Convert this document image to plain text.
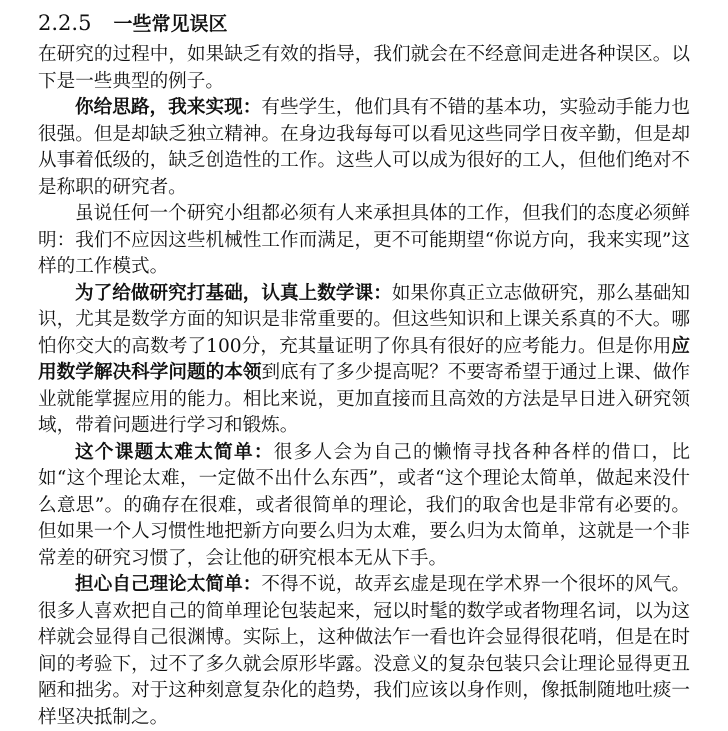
2.2.5 一些常见误区

在研究的过程中，如果缺乏有效的指导，我们就会在不经意间走进各种误区。以下是一些典型的例子。

你给思路，我来实现：有些学生，他们具有不错的基本功，实验动手能力也很强。但是却缺乏独立精神。在身边我每每可以看见这些同学日夜辛勤，但是却从事着低级的，缺乏创造性的工作。这些人可以成为很好的工人，但他们绝对不是称职的研究者。

虽说任何一个研究小组都必须有人来承担具体的工作，但我们的态度必须鲜明：我们不应因这些机械性工作而满足，更不可能期望“你说方向，我来实现”这样的工作模式。

为了给做研究打基础，认真上数学课：如果你真正立志做研究，那么基础知识，尤其是数学方面的知识是非常重要的。但这些知识和上课关系真的不大。哪怕你交大的高数考了100分，充其量证明了你具有很好的应考能力。但是你用应用数学解决科学问题的本领到底有了多少提高呢？不要寄希望于通过上课、做作业就能掌握应用的能力。相比来说，更加直接而且高效的方法是早日进入研究领域，带着问题进行学习和锻炼。

这个课题太难太简单：很多人会为自己的懒惰寻找各种各样的借口，比如“这个理论太难，一定做不出什么东西”，或者“这个理论太简单，做起来没什么意思”。的确存在很难，或者很简单的理论，我们的取舍也是非常有必要的。但如果一个人习惯性地把新方向要么归为太难，要么归为太简单，这就是一个非常差的研究习惯了，会让他的研究根本无从下手。

担心自己理论太简单：不得不说，故弄玄虚是现在学术界一个很坏的风气。很多人喜欢把自己的简单理论包装起来，冠以时髦的数学或者物理名词，以为这样就会显得自己很渊博。实际上，这种做法乍一看也许会显得很花哨，但是在时间的考验下，过不了多久就会原形毕露。没意义的复杂包装只会让理论显得更丑陋和拙劣。对于这种刻意复杂化的趋势，我们应该以身作则，像抵制随地吐痰一样坚决抵制之。
